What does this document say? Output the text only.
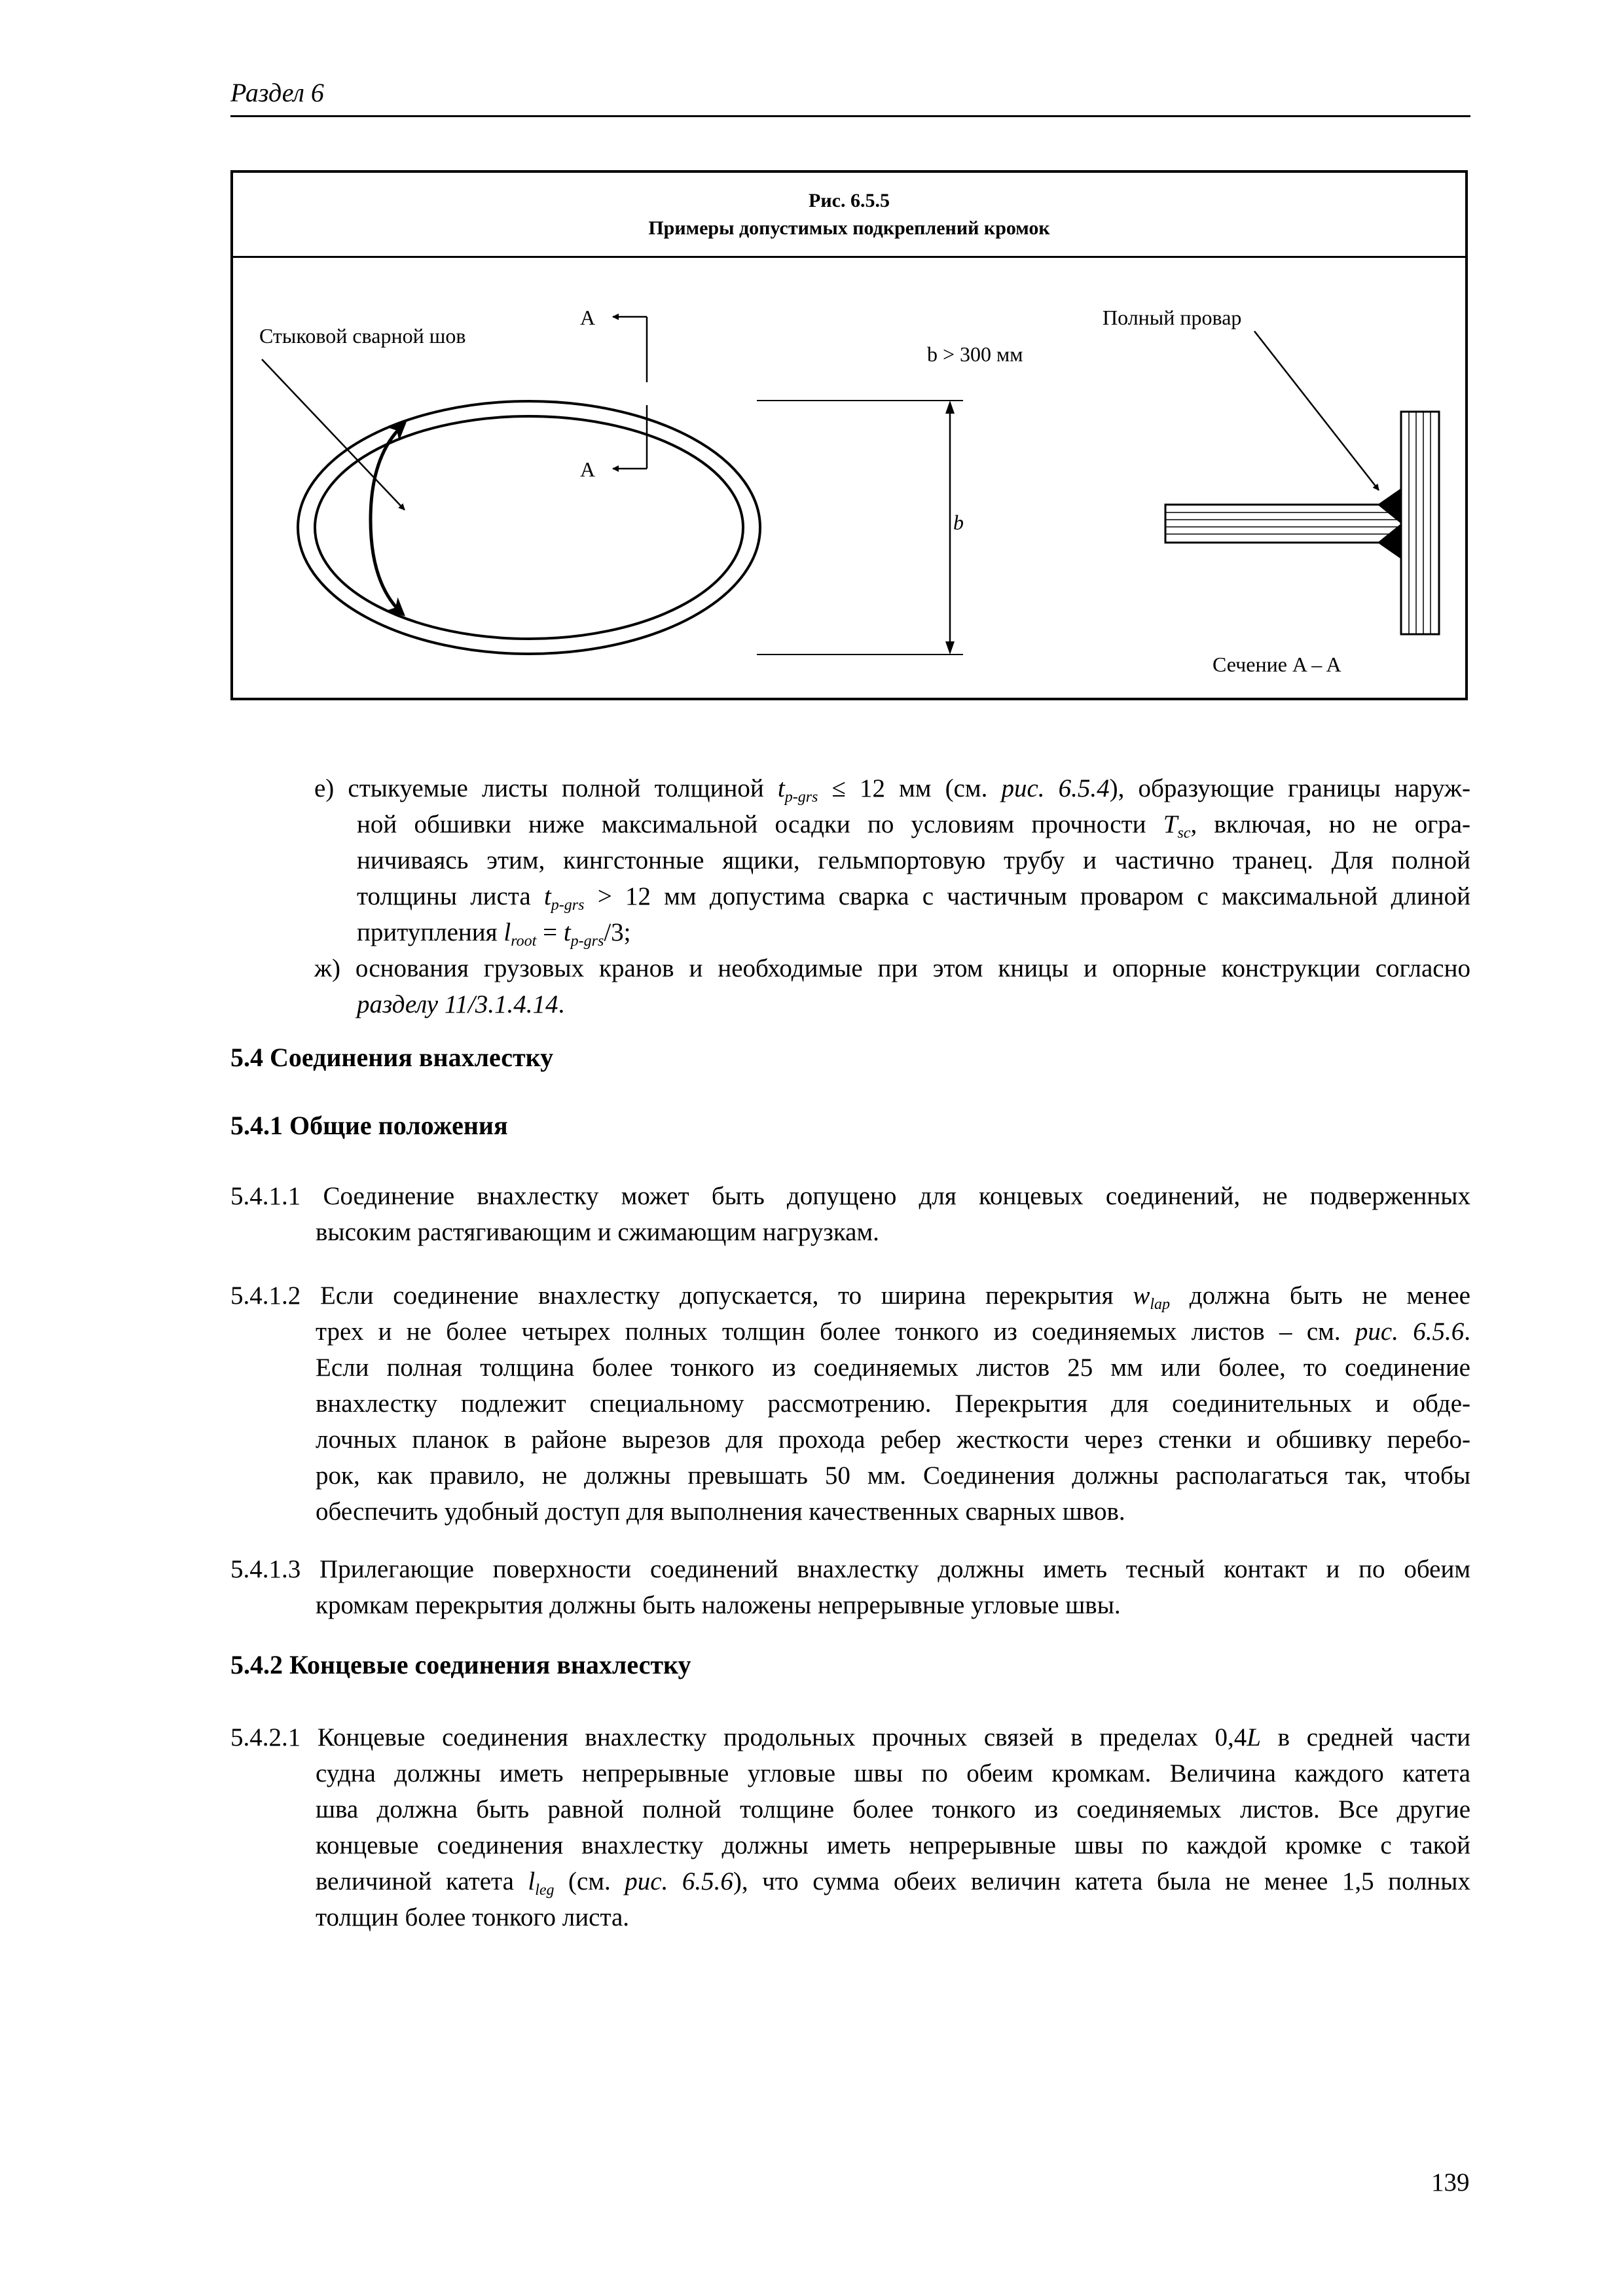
Раздел 6
Рис. 6.5.5
Примеры допустимых подкреплений кромок
Стыковой сварной шов
A
A
b > 300 мм
b
Полный провар
Сечение A – A
е) стыкуемые листы полной толщиной $t_{p-grs} \le 12$ мм (см. рис. 6.5.4), образующие границы наруж-
ной обшивки ниже максимальной осадки по условиям прочности $T_{sc}$, включая, но не огра-
ничиваясь этим, кингстонные ящики, гельмпортовую трубу и частично транец. Для полной
толщины листа $t_{p-grs} > 12$ мм допустима сварка с частичным проваром с максимальной длиной
притупления $l_{root} = t_{p-grs}/3$;
ж) основания грузовых кранов и необходимые при этом кницы и опорные конструкции согласно
разделу 11/3.1.4.14.
5.4 Соединения внахлестку
5.4.1 Общие положения
5.4.1.1 Соединение внахлестку может быть допущено для концевых соединений, не подверженных
высоким растягивающим и сжимающим нагрузкам.
5.4.1.2 Если соединение внахлестку допускается, то ширина перекрытия $w_{lap}$ должна быть не менее
трех и не более четырех полных толщин более тонкого из соединяемых листов – см. рис. 6.5.6.
Если полная толщина более тонкого из соединяемых листов 25 мм или более, то соединение
внахлестку подлежит специальному рассмотрению. Перекрытия для соединительных и обде-
лочных планок в районе вырезов для прохода ребер жесткости через стенки и обшивку перебо-
рок, как правило, не должны превышать 50 мм. Соединения должны располагаться так, чтобы
обеспечить удобный доступ для выполнения качественных сварных швов.
5.4.1.3 Прилегающие поверхности соединений внахлестку должны иметь тесный контакт и по обеим
кромкам перекрытия должны быть наложены непрерывные угловые швы.
5.4.2 Концевые соединения внахлестку
5.4.2.1 Концевые соединения внахлестку продольных прочных связей в пределах 0,4L в средней части
судна должны иметь непрерывные угловые швы по обеим кромкам. Величина каждого катета
шва должна быть равной полной толщине более тонкого из соединяемых листов. Все другие
концевые соединения внахлестку должны иметь непрерывные швы по каждой кромке с такой
величиной катета $l_{leg}$ (см. рис. 6.5.6), что сумма обеих величин катета была не менее 1,5 полных
толщин более тонкого листа.
139
